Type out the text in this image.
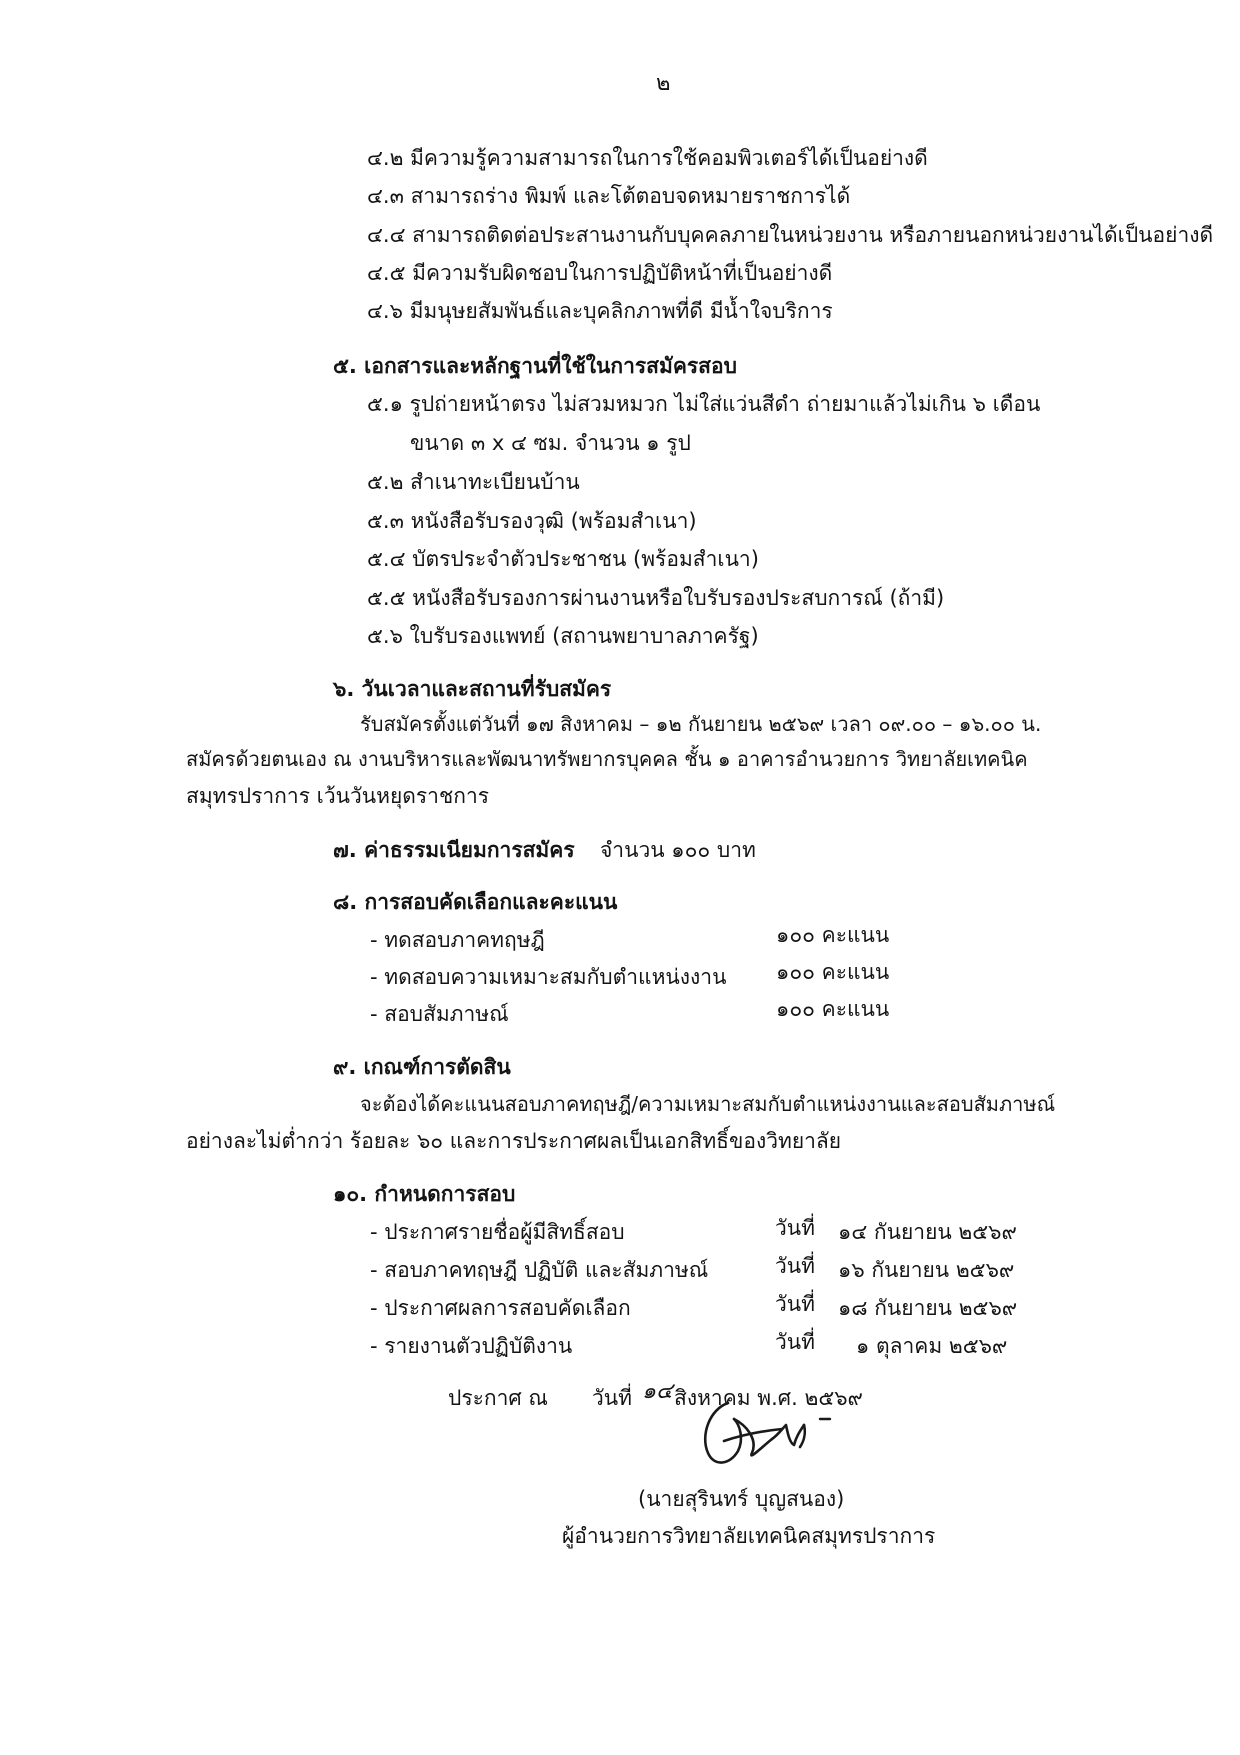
๒
๔.๒ มีความรู้ความสามารถในการใช้คอมพิวเตอร์ได้เป็นอย่างดี
๔.๓ สามารถร่าง พิมพ์ และโต้ตอบจดหมายราชการได้
๔.๔ สามารถติดต่อประสานงานกับบุคคลภายในหน่วยงาน หรือภายนอกหน่วยงานได้เป็นอย่างดี
๔.๕ มีความรับผิดชอบในการปฏิบัติหน้าที่เป็นอย่างดี
๔.๖ มีมนุษยสัมพันธ์และบุคลิกภาพที่ดี มีน้ำใจบริการ
๕. เอกสารและหลักฐานที่ใช้ในการสมัครสอบ
๕.๑ รูปถ่ายหน้าตรง ไม่สวมหมวก ไม่ใส่แว่นสีดำ ถ่ายมาแล้วไม่เกิน ๖ เดือน
ขนาด ๓ x ๔ ซม. จำนวน ๑ รูป
๕.๒ สำเนาทะเบียนบ้าน
๕.๓ หนังสือรับรองวุฒิ (พร้อมสำเนา)
๕.๔ บัตรประจำตัวประชาชน (พร้อมสำเนา)
๕.๕ หนังสือรับรองการผ่านงานหรือใบรับรองประสบการณ์ (ถ้ามี)
๕.๖ ใบรับรองแพทย์ (สถานพยาบาลภาครัฐ)
๖. วันเวลาและสถานที่รับสมัคร
รับสมัครตั้งแต่วันที่ ๑๗ สิงหาคม – ๑๒ กันยายน ๒๕๖๙ เวลา ๐๙.๐๐ – ๑๖.๐๐ น.
สมัครด้วยตนเอง ณ งานบริหารและพัฒนาทรัพยากรบุคคล ชั้น ๑ อาคารอำนวยการ วิทยาลัยเทคนิค
สมุทรปราการ เว้นวันหยุดราชการ
๗. ค่าธรรมเนียมการสมัคร จำนวน ๑๐๐ บาท
๘. การสอบคัดเลือกและคะแนน
- ทดสอบภาคทฤษฎี	๑๐๐ คะแนน
- ทดสอบความเหมาะสมกับตำแหน่งงาน ๑๐๐ คะแนน
- สอบสัมภาษณ์	๑๐๐ คะแนน
๙. เกณฑ์การตัดสิน
จะต้องได้คะแนนสอบภาคทฤษฎี/ความเหมาะสมกับตำแหน่งงานและสอบสัมภาษณ์
อย่างละไม่ต่ำกว่า ร้อยละ ๖๐ และการประกาศผลเป็นเอกสิทธิ์ของวิทยาลัย
๑๐. กำหนดการสอบ
- ประกาศรายชื่อผู้มีสิทธิ์สอบ	วันที่ ๑๔ กันยายน ๒๕๖๙
- สอบภาคทฤษฎี ปฏิบัติ และสัมภาษณ์	วันที่ ๑๖ กันยายน ๒๕๖๙
- ประกาศผลการสอบคัดเลือก	วันที่ ๑๘ กันยายน ๒๕๖๙
- รายงานตัวปฏิบัติงาน	วันที่ ๑ ตุลาคม ๒๕๖๙
ประกาศ ณ วันที่ ๑๔ สิงหาคม พ.ศ. ๒๕๖๙
(นายสุรินทร์ บุญสนอง)
ผู้อำนวยการวิทยาลัยเทคนิคสมุทรปราการ
